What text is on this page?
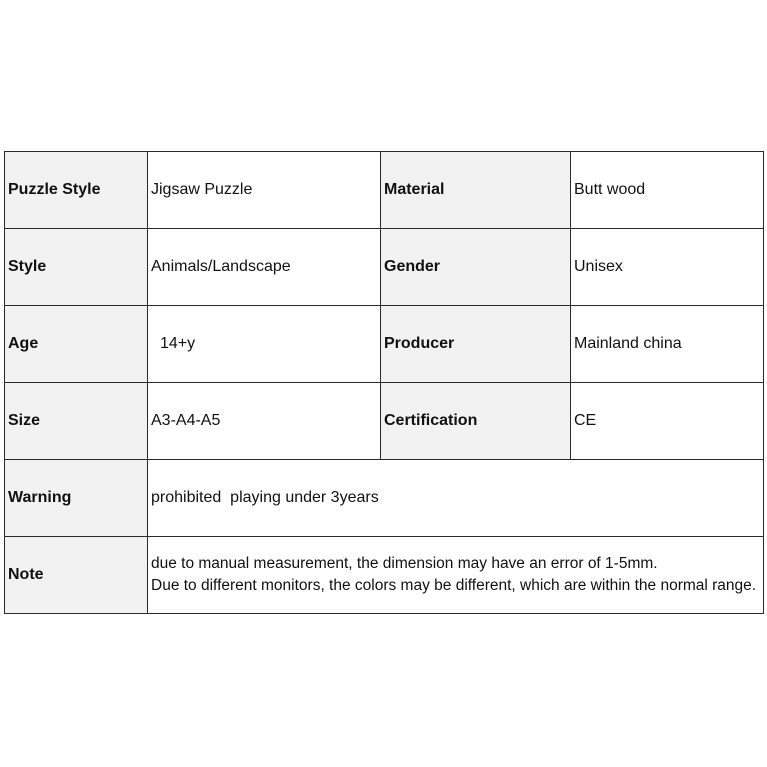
Puzzle Style	Jigsaw Puzzle	Material	Butt wood
Style	Animals/Landscape	Gender	Unisex
Age	14+y	Producer	Mainland china
Size	A3-A4-A5	Certification	CE
Warning	prohibited  playing under 3years		
Note	due to manual measurement, the dimension may have an error of 1-5mm.
Due to different monitors, the colors may be different, which are within the normal range.		
